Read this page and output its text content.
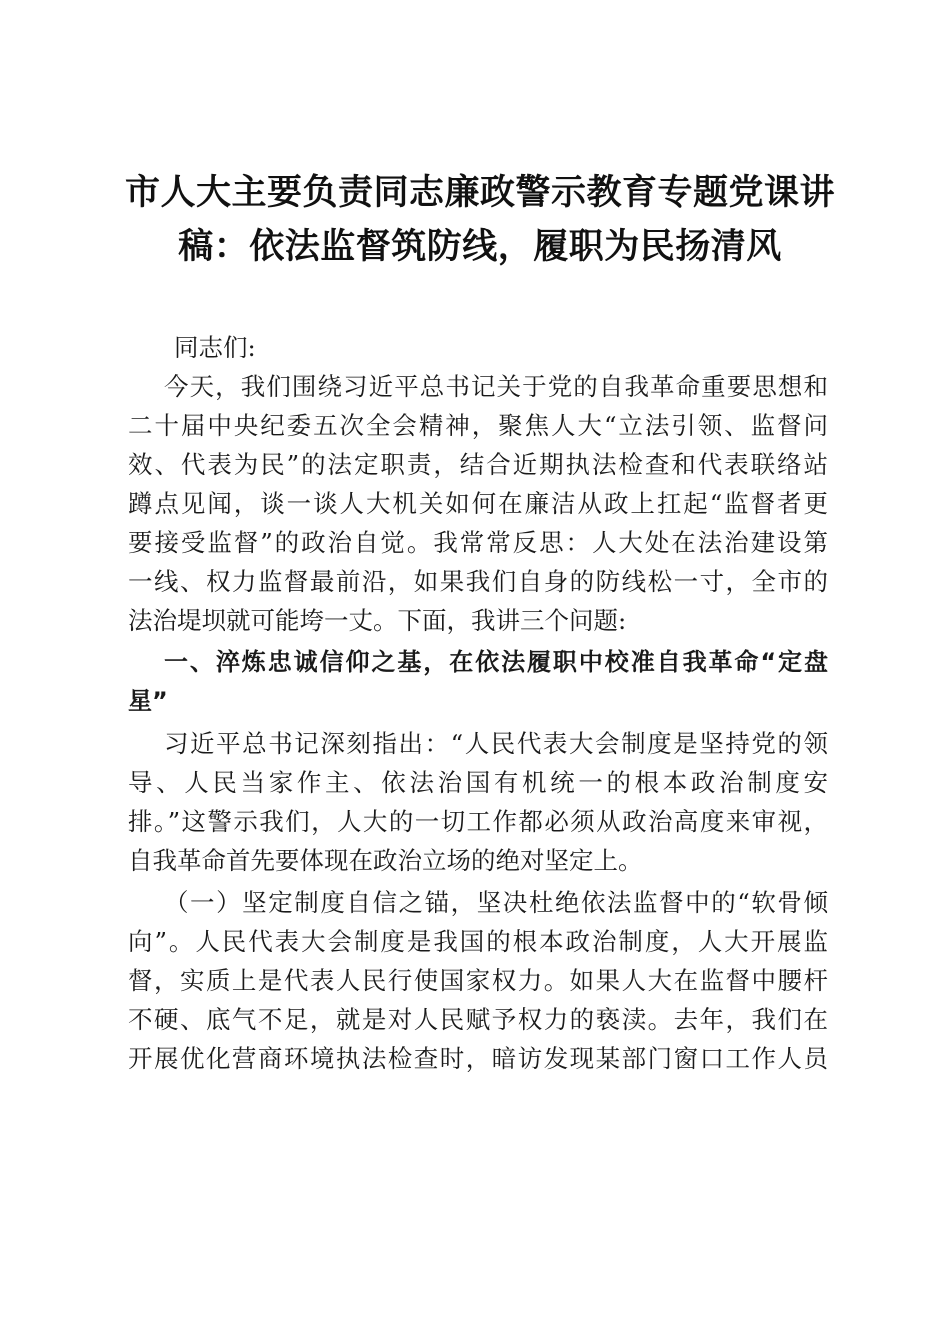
市人大主要负责同志廉政警示教育专题党课讲
稿：依法监督筑防线，履职为民扬清风
同志们:
今天，我们围绕习近平总书记关于党的自我革命重要思想和
二十届中央纪委五次全会精神，聚焦人大“立法引领、监督问
效、代表为民”的法定职责，结合近期执法检查和代表联络站
蹲点见闻，谈一谈人大机关如何在廉洁从政上扛起“监督者更
要接受监督”的政治自觉。我常常反思：人大处在法治建设第
一线、权力监督最前沿，如果我们自身的防线松一寸，全市的
法治堤坝就可能垮一丈。下面，我讲三个问题:
一、淬炼忠诚信仰之基，在依法履职中校准自我革命“定盘
星”
习近平总书记深刻指出：“人民代表大会制度是坚持党的领
导、人民当家作主、依法治国有机统一的根本政治制度安
排。”这警示我们，人大的一切工作都必须从政治高度来审视，
自我革命首先要体现在政治立场的绝对坚定上。
（一）坚定制度自信之锚，坚决杜绝依法监督中的“软骨倾
向”。人民代表大会制度是我国的根本政治制度，人大开展监
督，实质上是代表人民行使国家权力。如果人大在监督中腰杆
不硬、底气不足，就是对人民赋予权力的亵渎。去年，我们在
开展优化营商环境执法检查时，暗访发现某部门窗口工作人员
